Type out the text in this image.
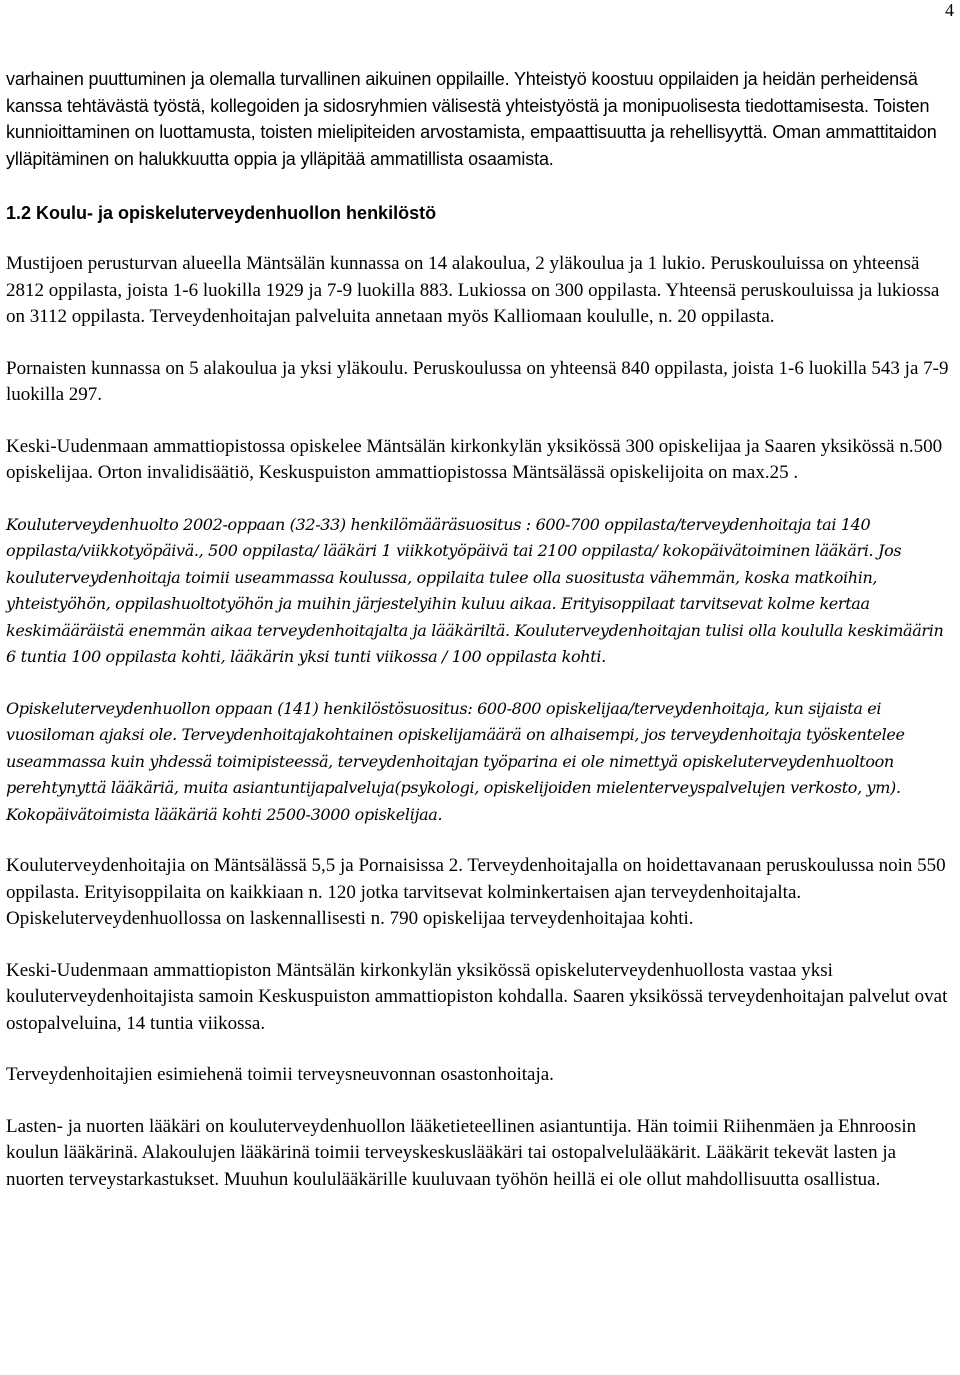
4

varhainen puuttuminen ja olemalla turvallinen aikuinen oppilaille. Yhteistyö koostuu oppilaiden ja heidän perheidensä kanssa tehtävästä työstä, kollegoiden ja sidosryhmien välisestä yhteistyöstä ja monipuolisesta tiedottamisesta. Toisten kunnioittaminen on luottamusta, toisten mielipiteiden arvostamista, empaattisuutta ja rehellisyyttä. Oman ammattitaidon ylläpitäminen on halukkuutta oppia ja ylläpitää ammatillista osaamista.

1.2 Koulu- ja opiskeluterveydenhuollon henkilöstö

Mustijoen perusturvan alueella Mäntsälän kunnassa on 14 alakoulua, 2 yläkoulua ja 1 lukio. Peruskouluissa on yhteensä 2812 oppilasta, joista 1-6 luokilla 1929 ja 7-9 luokilla 883. Lukiossa on 300 oppilasta. Yhteensä peruskouluissa ja lukiossa on 3112 oppilasta. Terveydenhoitajan palveluita annetaan myös Kalliomaan koululle, n. 20 oppilasta.

Pornaisten kunnassa on 5 alakoulua ja yksi yläkoulu. Peruskoulussa on yhteensä 840 oppilasta, joista 1-6 luokilla 543 ja 7-9 luokilla 297.

Keski-Uudenmaan ammattiopistossa opiskelee Mäntsälän kirkonkylän yksikössä 300 opiskelijaa ja Saaren yksikössä n.500 opiskelijaa. Orton invalidisäätiö, Keskuspuiston ammattiopistossa Mäntsälässä opiskelijoita on max.25 .

Kouluterveydenhuolto 2002-oppaan (32-33) henkilömääräsuositus : 600-700 oppilasta/terveydenhoitaja tai 140 oppilasta/viikkotyöpäivä., 500 oppilasta/ lääkäri 1 viikkotyöpäivä tai 2100 oppilasta/ kokopäivätoiminen lääkäri. Jos kouluterveydenhoitaja toimii useammassa koulussa, oppilaita tulee olla suositusta vähemmän, koska matkoihin, yhteistyöhön, oppilashuoltotyöhön ja muihin järjestelyihin kuluu aikaa. Erityisoppilaat tarvitsevat kolme kertaa keskimääräistä enemmän aikaa terveydenhoitajalta ja lääkäriltä. Kouluterveydenhoitajan tulisi olla koululla keskimäärin 6 tuntia 100 oppilasta kohti, lääkärin yksi tunti viikossa / 100 oppilasta kohti.

Opiskeluterveydenhuollon oppaan (141) henkilöstösuositus: 600-800 opiskelijaa/terveydenhoitaja, kun sijaista ei vuosiloman ajaksi ole. Terveydenhoitajakohtainen opiskelijamäärä on alhaisempi, jos terveydenhoitaja työskentelee useammassa kuin yhdessä toimipisteessä, terveydenhoitajan työparina ei ole nimettyä opiskeluterveydenhuoltoon perehtynyttä lääkäriä, muita asiantuntijapalveluja(psykologi, opiskelijoiden mielenterveyspalvelujen verkosto, ym). Kokopäivätoimista lääkäriä kohti 2500-3000 opiskelijaa.

Kouluterveydenhoitajia on Mäntsälässä 5,5 ja Pornaisissa 2. Terveydenhoitajalla on hoidettavanaan peruskoulussa noin 550 oppilasta. Erityisoppilaita on kaikkiaan n. 120 jotka tarvitsevat kolminkertaisen ajan terveydenhoitajalta. Opiskeluterveydenhuollossa on laskennallisesti n. 790 opiskelijaa terveydenhoitajaa kohti.

Keski-Uudenmaan ammattiopiston Mäntsälän kirkonkylän yksikössä opiskeluterveydenhuollosta vastaa yksi kouluterveydenhoitajista samoin Keskuspuiston ammattiopiston kohdalla. Saaren yksikössä terveydenhoitajan palvelut ovat ostopalveluina, 14 tuntia viikossa.

Terveydenhoitajien esimiehenä toimii terveysneuvonnan osastonhoitaja.

Lasten- ja nuorten lääkäri on kouluterveydenhuollon lääketieteellinen asiantuntija. Hän toimii Riihenmäen ja Ehnroosin koulun lääkärinä. Alakoulujen lääkärinä toimii terveyskeskuslääkäri tai ostopalvelulääkärit. Lääkärit tekevät lasten ja nuorten terveystarkastukset. Muuhun koululääkärille kuuluvaan työhön heillä ei ole ollut mahdollisuutta osallistua.
